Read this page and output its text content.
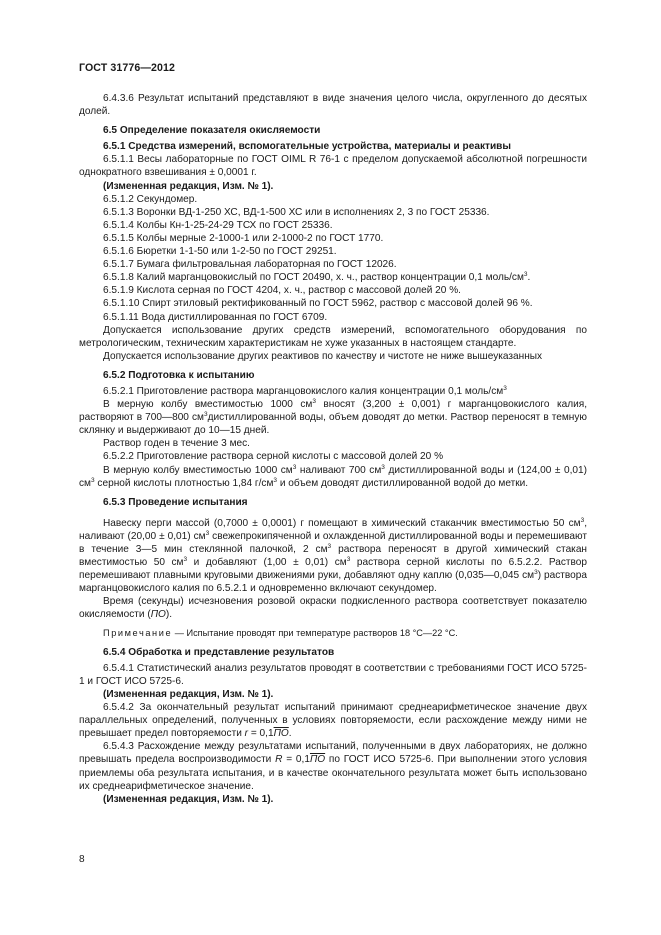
ГОСТ 31776—2012

6.4.3.6 Результат испытаний представляют в виде значения целого числа, округленного до десятых долей.

6.5 Определение показателя окисляемости

6.5.1 Средства измерений, вспомогательные устройства, материалы и реактивы

6.5.1.1 Весы лабораторные по ГОСТ OIML R 76-1 с пределом допускаемой абсолютной погрешности однократного взвешивания ± 0,0001 г.

(Измененная редакция, Изм. № 1).

6.5.1.2 Секундомер.

6.5.1.3 Воронки ВД-1-250 ХС, ВД-1-500 ХС или в исполнениях 2, 3 по ГОСТ 25336.

6.5.1.4 Колбы Кн-1-25-24-29 ТСХ по ГОСТ 25336.

6.5.1.5 Колбы мерные 2-1000-1 или 2-1000-2 по ГОСТ 1770.

6.5.1.6 Бюретки 1-1-50 или 1-2-50 по ГОСТ 29251.

6.5.1.7 Бумага фильтровальная лабораторная по ГОСТ 12026.

6.5.1.8 Калий марганцовокислый по ГОСТ 20490, х. ч., раствор концентрации 0,1 моль/$см^3$.

6.5.1.9 Кислота серная по ГОСТ 4204, х. ч., раствор с массовой долей 20 %.

6.5.1.10 Спирт этиловый ректификованный по ГОСТ 5962, раствор с массовой долей 96 %.

6.5.1.11 Вода дистиллированная по ГОСТ 6709.

Допускается использование других средств измерений, вспомогательного оборудования по метрологическим, техническим характеристикам не хуже указанных в настоящем стандарте.

Допускается использование других реактивов по качеству и чистоте не ниже вышеуказанных

6.5.2 Подготовка к испытанию

6.5.2.1 Приготовление раствора марганцовокислого калия концентрации 0,1 моль/$см^3$

В мерную колбу вместимостью 1000 $см^3$ вносят (3,200 ± 0,001) г марганцовокислого калия, растворяют в 700—800 $см^3дистиллированной$ воды, объем доводят до метки. Раствор переносят в темную склянку и выдерживают до 10—15 дней.

Раствор годен в течение 3 мес.

6.5.2.2 Приготовление раствора серной кислоты с массовой долей 20 %

В мерную колбу вместимостью 1000 $см^3$ наливают 700 $см^3$ дистиллированной воды и (124,00 ± 0,01) $см^3$ серной кислоты плотностью 1,84 $г/см^3$ и объем доводят дистиллированной водой до метки.

6.5.3 Проведение испытания

Навеску перги массой (0,7000 ± 0,0001) г помещают в химический стаканчик вместимостью 50 $см^3$, наливают (20,00 ± 0,01) $см^3$ свежепрокипяченной и охлажденной дистиллированной воды и перемешивают в течение 3—5 мин стеклянной палочкой, 2 $см^3$ раствора переносят в другой химический стакан вместимостью 50 $см^3$ и добавляют (1,00 ± 0,01) $см^3$ раствора серной кислоты по 6.5.2.2. Раствор перемешивают плавными круговыми движениями руки, добавляют одну каплю (0,035—0,045 $см^3$) раствора марганцовокислого калия по 6.5.2.1 и одновременно включают секундомер.

Время (секунды) исчезновения розовой окраски подкисленного раствора соответствует показателю окисляемости (ПО).

Примечание — Испытание проводят при температуре растворов 18 °С—22 °С.

6.5.4 Обработка и представление результатов

6.5.4.1 Статистический анализ результатов проводят в соответствии с требованиями ГОСТ ИСО 5725-1 и ГОСТ ИСО 5725-6.

(Измененная редакция, Изм. № 1).

6.5.4.2 За окончательный результат испытаний принимают среднеарифметическое значение двух параллельных определений, полученных в условиях повторяемости, если расхождение между ними не превышает предел повторяемости r = 0,1ПО.

6.5.4.3 Расхождение между результатами испытаний, полученными в двух лабораториях, не должно превышать предела воспроизводимости R = 0,1ПО по ГОСТ ИСО 5725-6. При выполнении этого условия приемлемы оба результата испытания, и в качестве окончательного результата может быть использовано их среднеарифметическое значение.

(Измененная редакция, Изм. № 1).

8
